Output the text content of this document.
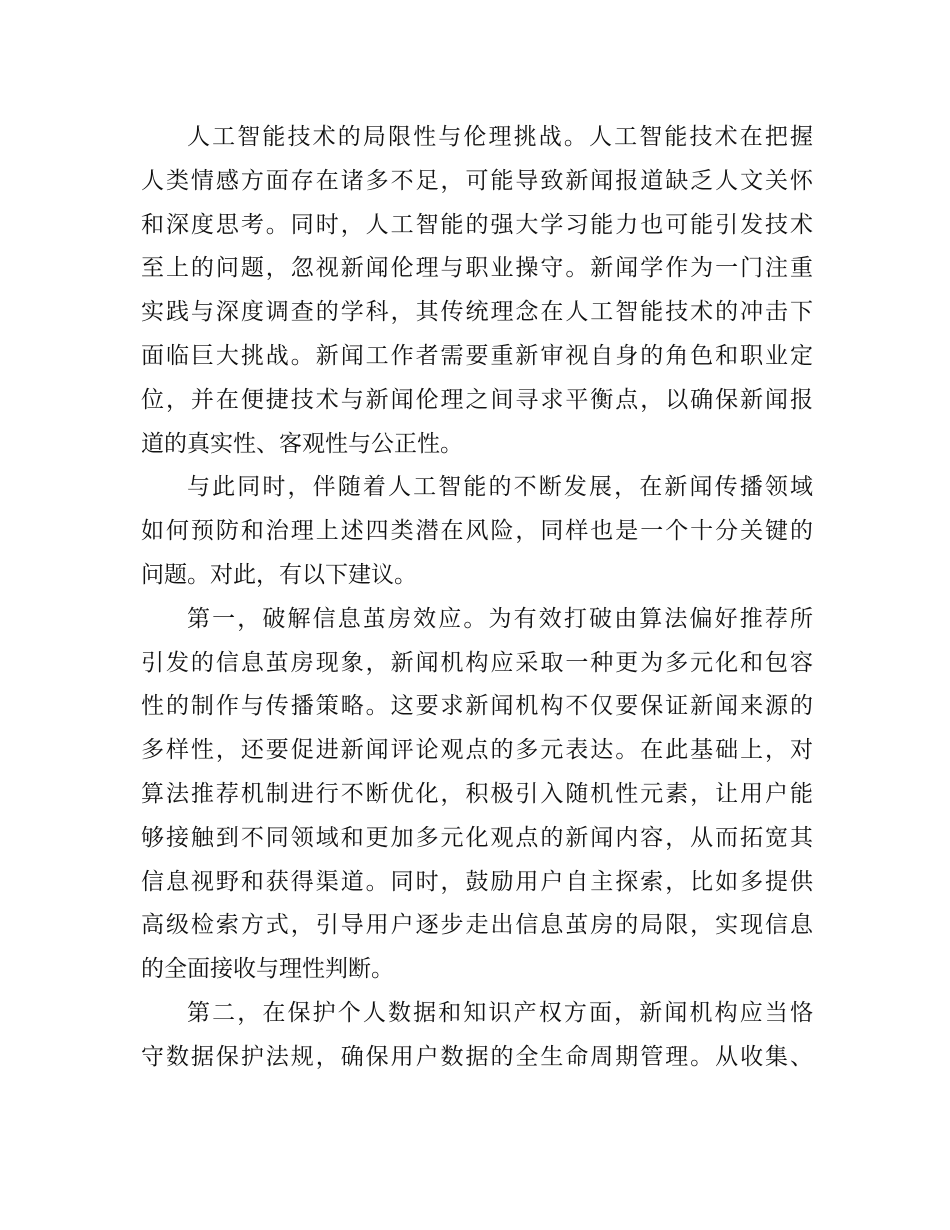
人工智能技术的局限性与伦理挑战。人工智能技术在把握
人类情感方面存在诸多不足，可能导致新闻报道缺乏人文关怀
和深度思考。同时，人工智能的强大学习能力也可能引发技术
至上的问题，忽视新闻伦理与职业操守。新闻学作为一门注重
实践与深度调查的学科，其传统理念在人工智能技术的冲击下
面临巨大挑战。新闻工作者需要重新审视自身的角色和职业定
位，并在便捷技术与新闻伦理之间寻求平衡点，以确保新闻报
道的真实性、客观性与公正性。
与此同时，伴随着人工智能的不断发展，在新闻传播领域
如何预防和治理上述四类潜在风险，同样也是一个十分关键的
问题。对此，有以下建议。
第一，破解信息茧房效应。为有效打破由算法偏好推荐所
引发的信息茧房现象，新闻机构应采取一种更为多元化和包容
性的制作与传播策略。这要求新闻机构不仅要保证新闻来源的
多样性，还要促进新闻评论观点的多元表达。在此基础上，对
算法推荐机制进行不断优化，积极引入随机性元素，让用户能
够接触到不同领域和更加多元化观点的新闻内容，从而拓宽其
信息视野和获得渠道。同时，鼓励用户自主探索，比如多提供
高级检索方式，引导用户逐步走出信息茧房的局限，实现信息
的全面接收与理性判断。
第二，在保护个人数据和知识产权方面，新闻机构应当恪
守数据保护法规，确保用户数据的全生命周期管理。从收集、
